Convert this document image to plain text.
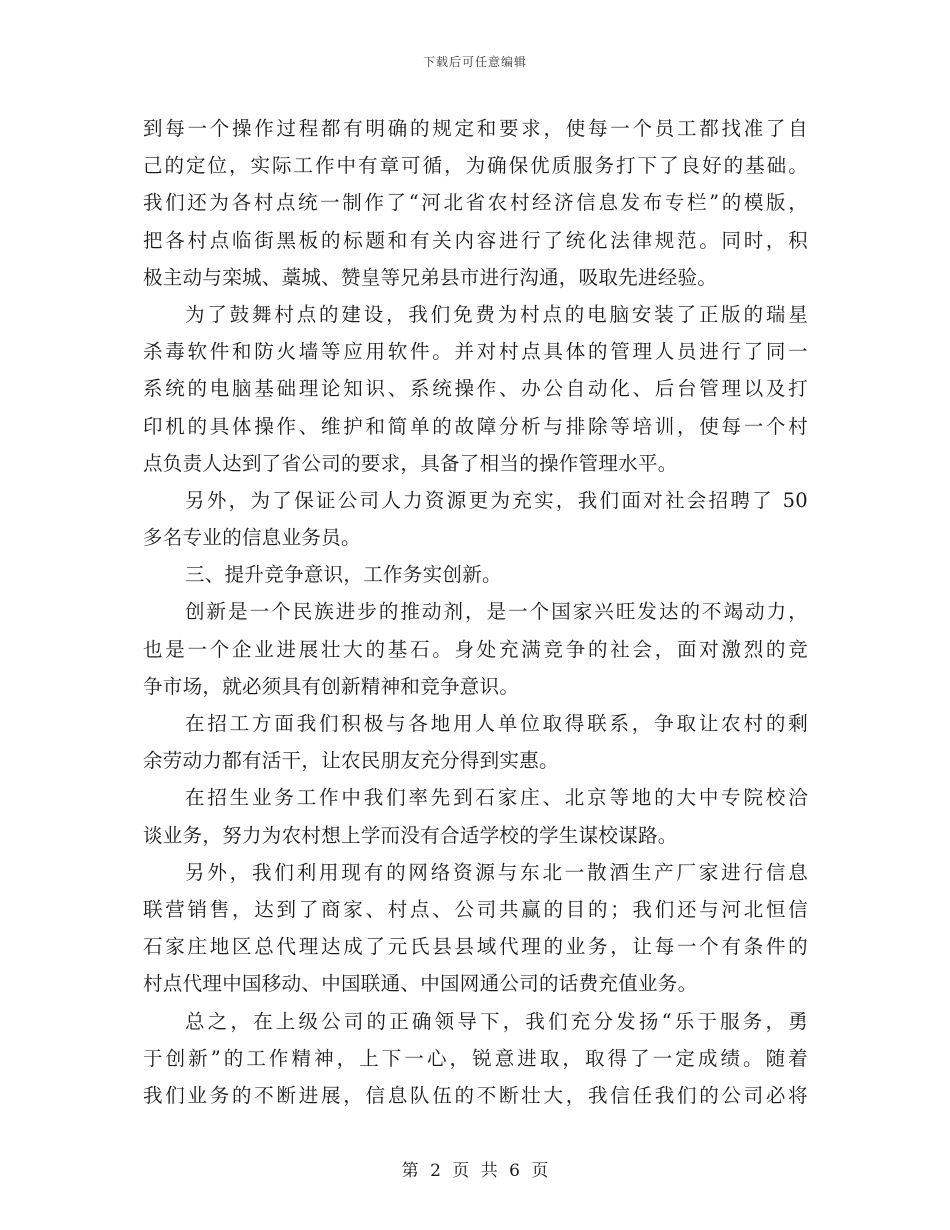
下载后可任意编辑
到每一个操作过程都有明确的规定和要求，使每一个员工都找准了自
己的定位，实际工作中有章可循，为确保优质服务打下了良好的基础。
我们还为各村点统一制作了“河北省农村经济信息发布专栏”的模版，
把各村点临街黑板的标题和有关内容进行了统化法律规范。同时，积
极主动与栾城、藁城、赞皇等兄弟县市进行沟通，吸取先进经验。
为了鼓舞村点的建设，我们免费为村点的电脑安装了正版的瑞星
杀毒软件和防火墙等应用软件。并对村点具体的管理人员进行了同一
系统的电脑基础理论知识、系统操作、办公自动化、后台管理以及打
印机的具体操作、维护和简单的故障分析与排除等培训，使每一个村
点负责人达到了省公司的要求，具备了相当的操作管理水平。
另外，为了保证公司人力资源更为充实，我们面对社会招聘了 50
多名专业的信息业务员。
三、提升竞争意识，工作务实创新。
创新是一个民族进步的推动剂，是一个国家兴旺发达的不竭动力，
也是一个企业进展壮大的基石。身处充满竞争的社会，面对激烈的竞
争市场，就必须具有创新精神和竞争意识。
在招工方面我们积极与各地用人单位取得联系，争取让农村的剩
余劳动力都有活干，让农民朋友充分得到实惠。
在招生业务工作中我们率先到石家庄、北京等地的大中专院校洽
谈业务，努力为农村想上学而没有合适学校的学生谋校谋路。
另外，我们利用现有的网络资源与东北一散酒生产厂家进行信息
联营销售，达到了商家、村点、公司共赢的目的；我们还与河北恒信
石家庄地区总代理达成了元氏县县域代理的业务，让每一个有条件的
村点代理中国移动、中国联通、中国网通公司的话费充值业务。
总之，在上级公司的正确领导下，我们充分发扬“乐于服务，勇
于创新”的工作精神，上下一心，锐意进取，取得了一定成绩。随着
我们业务的不断进展，信息队伍的不断壮大，我信任我们的公司必将
第 2 页 共 6 页
